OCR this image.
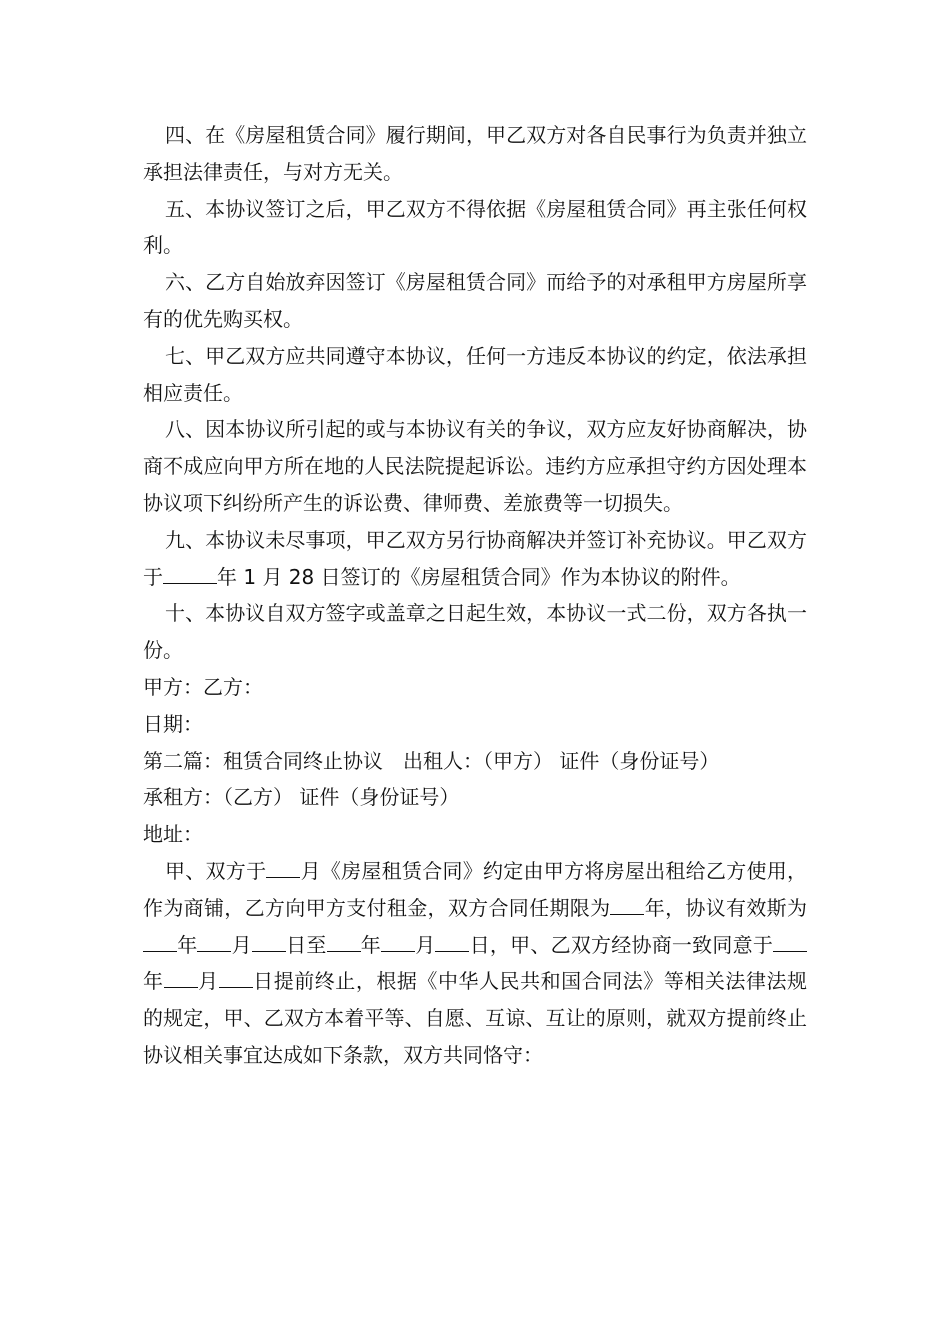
四、在《房屋租赁合同》履行期间，甲乙双方对各自民事行为负责并独立承担法律责任，与对方无关。

五、本协议签订之后，甲乙双方不得依据《房屋租赁合同》再主张任何权利。

六、乙方自始放弃因签订《房屋租赁合同》而给予的对承租甲方房屋所享有的优先购买权。

七、甲乙双方应共同遵守本协议，任何一方违反本协议的约定，依法承担相应责任。

八、因本协议所引起的或与本协议有关的争议，双方应友好协商解决，协商不成应向甲方所在地的人民法院提起诉讼。违约方应承担守约方因处理本协议项下纠纷所产生的诉讼费、律师费、差旅费等一切损失。

九、本协议未尽事项，甲乙双方另行协商解决并签订补充协议。甲乙双方于	年 1 月 28 日签订的《房屋租赁合同》作为本协议的附件。

十、本协议自双方签字或盖章之日起生效，本协议一式二份，双方各执一份。

甲方：乙方：

日期：

第二篇：租赁合同终止协议　出租人：（甲方） 证件（身份证号）

承租方：（乙方） 证件（身份证号）

地址：

甲、双方于 月《房屋租赁合同》约定由甲方将房屋出租给乙方使用，作为商铺，乙方向甲方支付租金，双方合同任期限为 年，协议有效斯为年 月 日至 年 月 日，甲、乙双方经协商一致同意于年 月 日提前终止，根据《中华人民共和国合同法》等相关法律法规的规定，甲、乙双方本着平等、自愿、互谅、互让的原则，就双方提前终止协议相关事宜达成如下条款，双方共同恪守：
